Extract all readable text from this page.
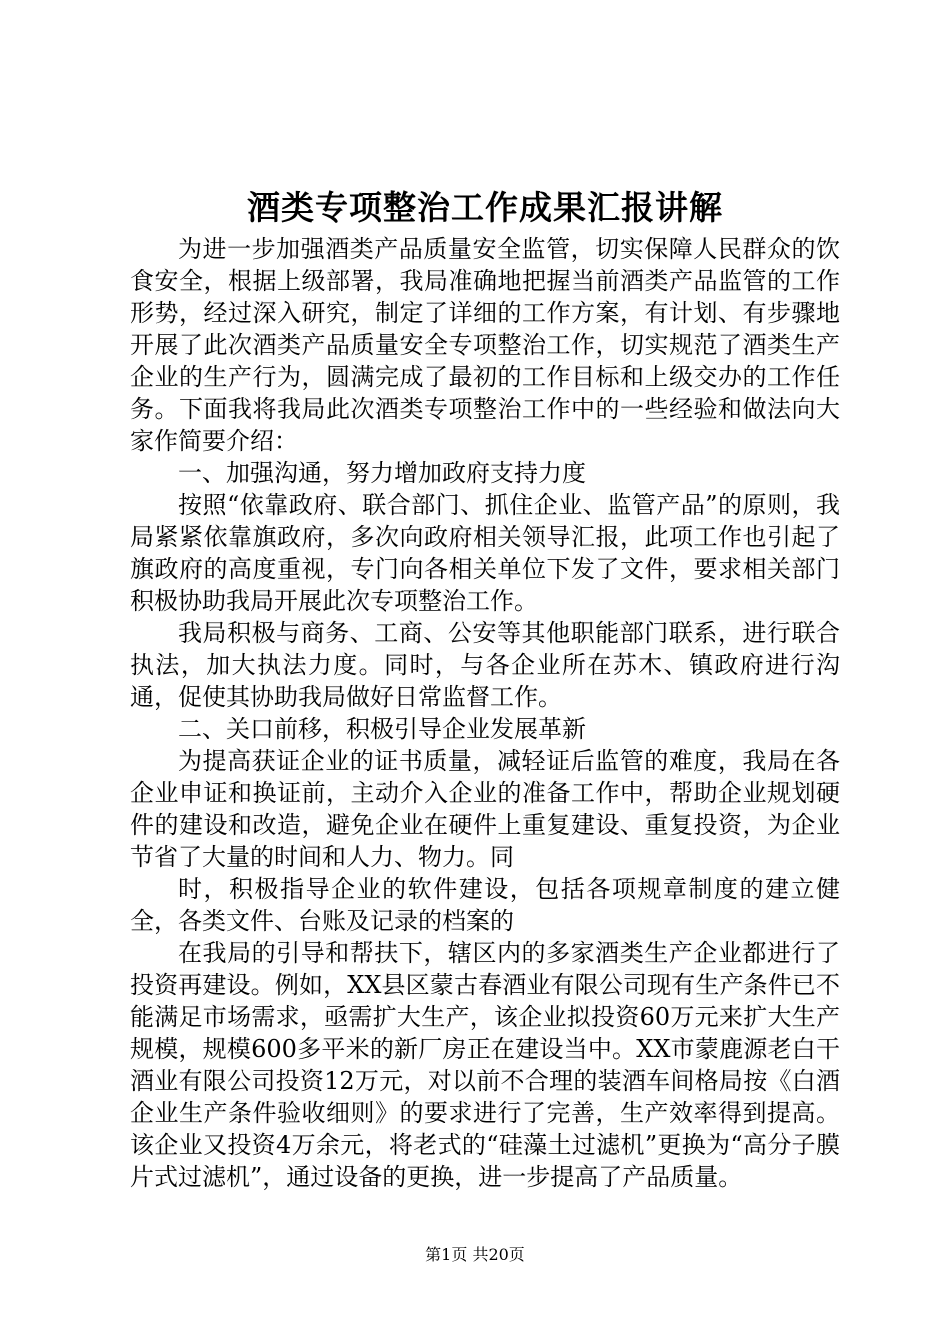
酒类专项整治工作成果汇报讲解

为进一步加强酒类产品质量安全监管，切实保障人民群众的饮食安全，根据上级部署，我局准确地把握当前酒类产品监管的工作形势，经过深入研究，制定了详细的工作方案，有计划、有步骤地开展了此次酒类产品质量安全专项整治工作，切实规范了酒类生产企业的生产行为，圆满完成了最初的工作目标和上级交办的工作任务。下面我将我局此次酒类专项整治工作中的一些经验和做法向大家作简要介绍：

一、加强沟通，努力增加政府支持力度

按照“依靠政府、联合部门、抓住企业、监管产品”的原则，我局紧紧依靠旗政府，多次向政府相关领导汇报，此项工作也引起了旗政府的高度重视，专门向各相关单位下发了文件，要求相关部门积极协助我局开展此次专项整治工作。

我局积极与商务、工商、公安等其他职能部门联系，进行联合执法，加大执法力度。同时，与各企业所在苏木、镇政府进行沟通，促使其协助我局做好日常监督工作。

二、关口前移，积极引导企业发展革新

为提高获证企业的证书质量，减轻证后监管的难度，我局在各企业申证和换证前，主动介入企业的准备工作中，帮助企业规划硬件的建设和改造，避免企业在硬件上重复建设、重复投资，为企业节省了大量的时间和人力、物力。同

时，积极指导企业的软件建设，包括各项规章制度的建立健全，各类文件、台账及记录的档案的

在我局的引导和帮扶下，辖区内的多家酒类生产企业都进行了投资再建设。例如，XX县区蒙古春酒业有限公司现有生产条件已不能满足市场需求，亟需扩大生产，该企业拟投资60万元来扩大生产规模，规模600多平米的新厂房正在建设当中。XX市蒙鹿源老白干酒业有限公司投资12万元，对以前不合理的装酒车间格局按《白酒企业生产条件验收细则》的要求进行了完善，生产效率得到提高。该企业又投资4万余元，将老式的“硅藻土过滤机”更换为“高分子膜片式过滤机”，通过设备的更换，进一步提高了产品质量。

第1页 共20页
